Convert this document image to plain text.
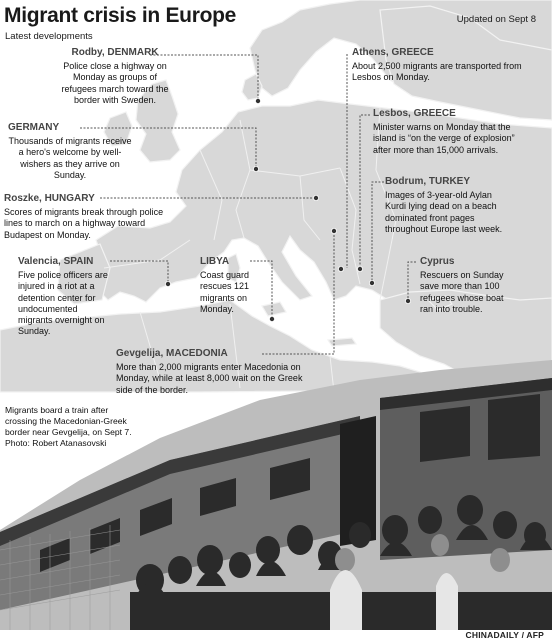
Migrant crisis in Europe
Latest developments
Updated on Sept 8
Rodby, DENMARK
Police close a highway on Monday as groups of refugees march toward the border with Sweden.
GERMANY
Thousands of migrants receive a hero's welcome by well-wishers as they arrive on Sunday.
Roszke, HUNGARY
Scores of migrants break through police lines to march on a highway toward Budapest on Monday.
Valencia, SPAIN
Five police officers are injured in a riot at a detention center for undocumented migrants overnight on Sunday.
LIBYA
Coast guard rescues 121 migrants on Monday.
Gevgelija, MACEDONIA
More than 2,000 migrants enter Macedonia on Monday, while at least 8,000 wait on the Greek side of the border.
Athens, GREECE
About 2,500 migrants are transported from Lesbos on Monday.
Lesbos, GREECE
Minister warns on Monday that the island is “on the verge of explosion” after more than 15,000 arrivals.
Bodrum, TURKEY
Images of 3-year-old Aylan Kurdi lying dead on a beach dominated front pages throughout Europe last week.
Cyprus
Rescuers on Sunday save more than 100 refugees whose boat ran into trouble.
Migrants board a train after crossing the Macedonian-Greek border near Gevgelija, on Sept 7.
Photo: Robert Atanasovski
CHINADAILY / AFP
